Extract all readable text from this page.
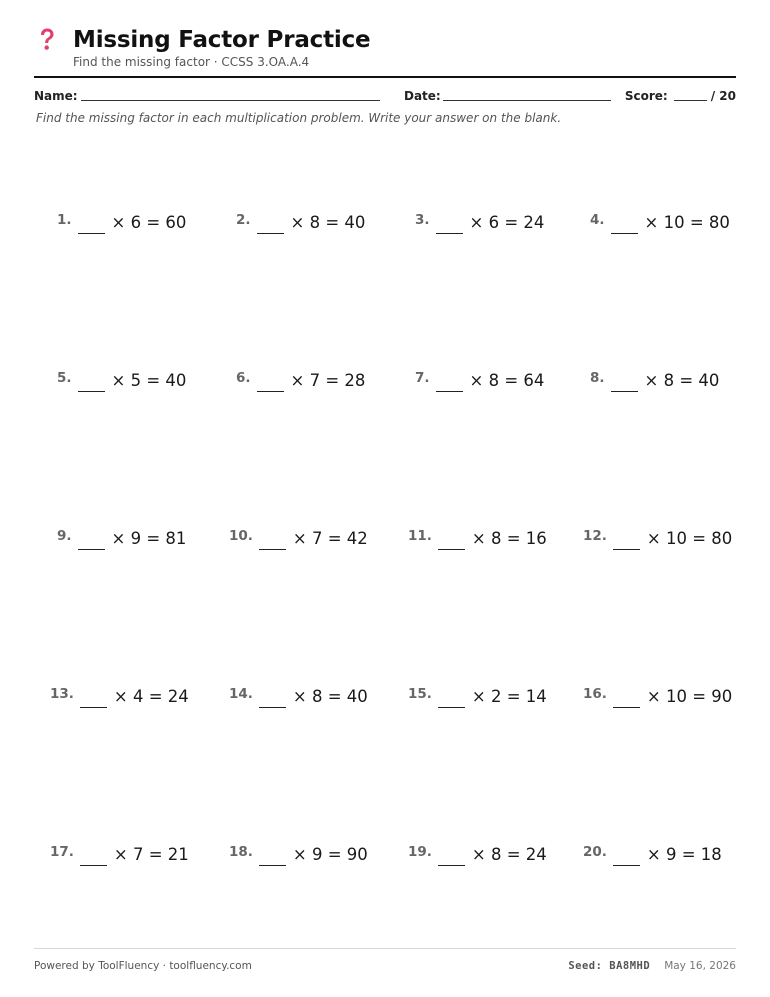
Missing Factor Practice
Find the missing factor · CCSS 3.OA.A.4
Name:	Date:	Score:	/ 20
Find the missing factor in each multiplication problem. Write your answer on the blank.
1. × 6 = 60	2. × 8 = 40	3. × 6 = 24	4. × 10 = 80
5. × 5 = 40	6. × 7 = 28	7. × 8 = 64	8. × 8 = 40
9. × 9 = 81	10. × 7 = 42	11. × 8 = 16	12. × 10 = 80
13. × 4 = 24	14. × 8 = 40	15. × 2 = 14	16. × 10 = 90
17. × 7 = 21	18. × 9 = 90	19. × 8 = 24	20. × 9 = 18
Powered by ToolFluency · toolfluency.com	Seed: BA8MHD May 16, 2026
